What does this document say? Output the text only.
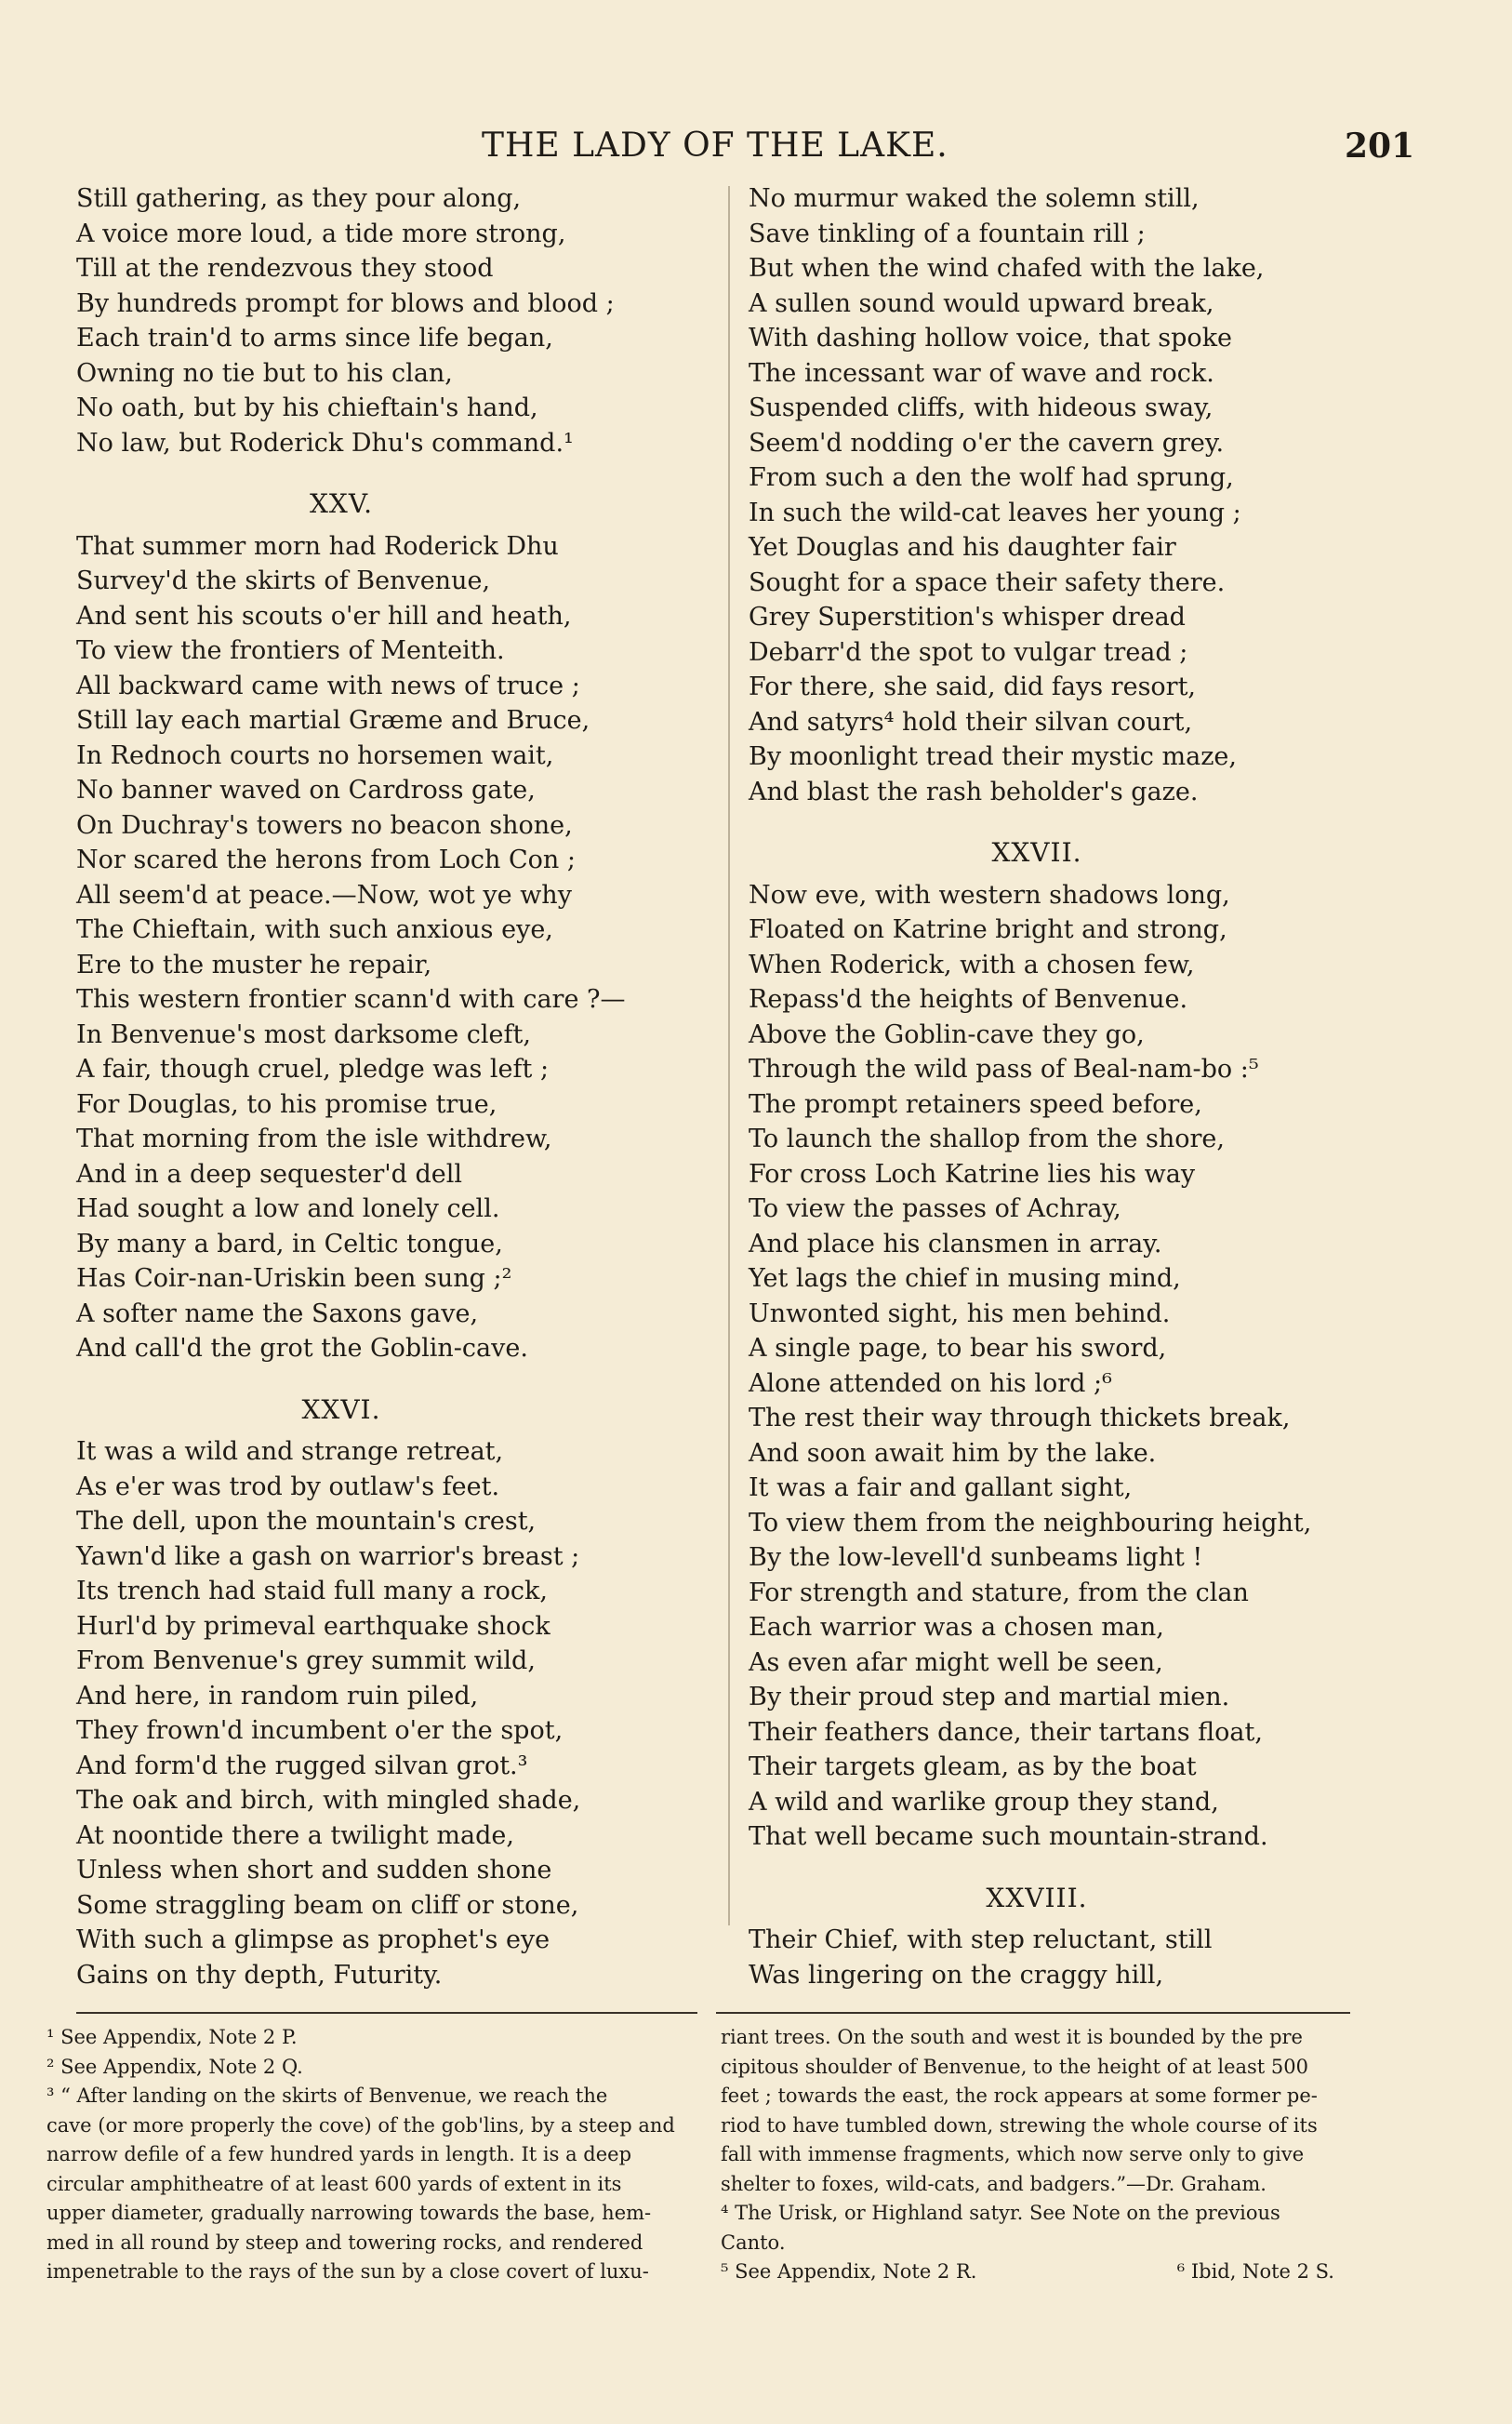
THE LADY OF THE LAKE.	201
Still gathering, as they pour along,
A voice more loud, a tide more strong,
Till at the rendezvous they stood
By hundreds prompt for blows and blood ;
Each train'd to arms since life began,
Owning no tie but to his clan,
No oath, but by his chieftain's hand,
No law, but Roderick Dhu's command.¹
XXV.
That summer morn had Roderick Dhu
Survey'd the skirts of Benvenue,
And sent his scouts o'er hill and heath,
To view the frontiers of Menteith.
All backward came with news of truce ;
Still lay each martial Græme and Bruce,
In Rednoch courts no horsemen wait,
No banner waved on Cardross gate,
On Duchray's towers no beacon shone,
Nor scared the herons from Loch Con ;
All seem'd at peace.—Now, wot ye why
The Chieftain, with such anxious eye,
Ere to the muster he repair,
This western frontier scann'd with care ?—
In Benvenue's most darksome cleft,
A fair, though cruel, pledge was left ;
For Douglas, to his promise true,
That morning from the isle withdrew,
And in a deep sequester'd dell
Had sought a low and lonely cell.
By many a bard, in Celtic tongue,
Has Coir-nan-Uriskin been sung ;²
A softer name the Saxons gave,
And call'd the grot the Goblin-cave.
XXVI.
It was a wild and strange retreat,
As e'er was trod by outlaw's feet.
The dell, upon the mountain's crest,
Yawn'd like a gash on warrior's breast ;
Its trench had staid full many a rock,
Hurl'd by primeval earthquake shock
From Benvenue's grey summit wild,
And here, in random ruin piled,
They frown'd incumbent o'er the spot,
And form'd the rugged silvan grot.³
The oak and birch, with mingled shade,
At noontide there a twilight made,
Unless when short and sudden shone
Some straggling beam on cliff or stone,
With such a glimpse as prophet's eye
Gains on thy depth, Futurity.
No murmur waked the solemn still,
Save tinkling of a fountain rill ;
But when the wind chafed with the lake,
A sullen sound would upward break,
With dashing hollow voice, that spoke
The incessant war of wave and rock.
Suspended cliffs, with hideous sway,
Seem'd nodding o'er the cavern grey.
From such a den the wolf had sprung,
In such the wild-cat leaves her young ;
Yet Douglas and his daughter fair
Sought for a space their safety there.
Grey Superstition's whisper dread
Debarr'd the spot to vulgar tread ;
For there, she said, did fays resort,
And satyrs⁴ hold their silvan court,
By moonlight tread their mystic maze,
And blast the rash beholder's gaze.
XXVII.
Now eve, with western shadows long,
Floated on Katrine bright and strong,
When Roderick, with a chosen few,
Repass'd the heights of Benvenue.
Above the Goblin-cave they go,
Through the wild pass of Beal-nam-bo :⁵
The prompt retainers speed before,
To launch the shallop from the shore,
For cross Loch Katrine lies his way
To view the passes of Achray,
And place his clansmen in array.
Yet lags the chief in musing mind,
Unwonted sight, his men behind.
A single page, to bear his sword,
Alone attended on his lord ;⁶
The rest their way through thickets break,
And soon await him by the lake.
It was a fair and gallant sight,
To view them from the neighbouring height,
By the low-levell'd sunbeams light !
For strength and stature, from the clan
Each warrior was a chosen man,
As even afar might well be seen,
By their proud step and martial mien.
Their feathers dance, their tartans float,
Their targets gleam, as by the boat
A wild and warlike group they stand,
That well became such mountain-strand.
XXVIII.
Their Chief, with step reluctant, still
Was lingering on the craggy hill,
¹ See Appendix, Note 2 P.
² See Appendix, Note 2 Q.
³ “ After landing on the skirts of Benvenue, we reach the
cave (or more properly the cove) of the gob'lins, by a steep and
narrow defile of a few hundred yards in length. It is a deep
circular amphitheatre of at least 600 yards of extent in its
upper diameter, gradually narrowing towards the base, hem-
med in all round by steep and towering rocks, and rendered
impenetrable to the rays of the sun by a close covert of luxu-
riant trees. On the south and west it is bounded by the pre
cipitous shoulder of Benvenue, to the height of at least 500
feet ; towards the east, the rock appears at some former pe-
riod to have tumbled down, strewing the whole course of its
fall with immense fragments, which now serve only to give
shelter to foxes, wild-cats, and badgers.”—Dr. Graham.
⁴ The Urisk, or Highland satyr. See Note on the previous
Canto.
⁵ See Appendix, Note 2 R.	⁶ Ibid, Note 2 S.
